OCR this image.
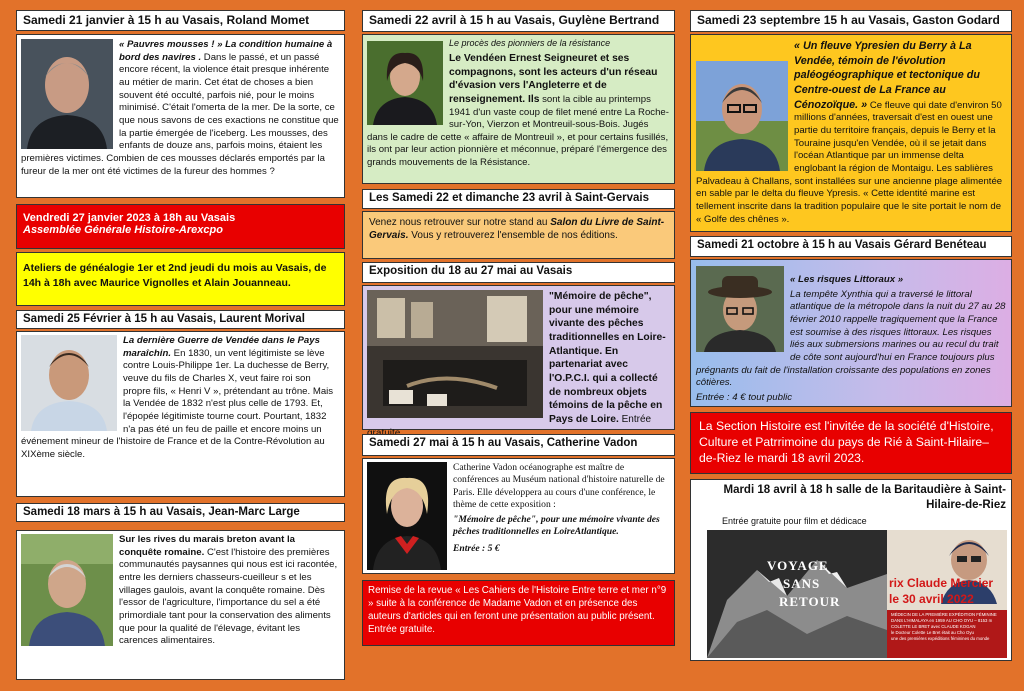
Samedi 21 janvier à 15 h au Vasais, Roland Momet
« Pauvres mousses ! » La condition humaine à bord des navires . Dans le passé, et un passé encore récent, la violence était presque inhérente au métier de marin. Cet état de choses a bien souvent été occulté, parfois nié, pour le moins minimisé. C'était l'omerta de la mer. De la sorte, ce que nous savons de ces exactions ne constitue que la partie émergée de l'iceberg. Les mousses, des enfants de douze ans, parfois moins, étaient les premières victimes. Combien de ces mousses déclarés emportés par la fureur de la mer ont été victimes de la fureur des hommes ?
Vendredi 27 janvier 2023 à 18h au Vasais
Assemblée Générale Histoire-Arexcpo
Ateliers de généalogie 1er et 2nd jeudi du mois au Vasais, de 14h à 18h avec Maurice Vignolles et Alain Jouanneau.
Samedi 25 Février à 15 h au Vasais, Laurent Morival
La dernière Guerre de Vendée dans le Pays maraîchin. En 1830, un vent légitimiste se lève contre Louis-Philippe 1er. La duchesse de Berry, veuve du fils de Charles X, veut faire roi son propre fils, « Henri V », prétendant au trône. Mais la Vendée de 1832 n'est plus celle de 1793. Et, l'épopée légitimiste tourne court. Pourtant, 1832 n'a pas été un feu de paille et encore moins un événement mineur de l'histoire de France et de la Contre-Révolution au XIXème siècle.
Samedi 18 mars à 15 h au Vasais, Jean-Marc Large
Sur les rives du marais breton avant la conquête romaine. C'est l'histoire des premières communautés paysannes qui nous est ici racontée, entre les derniers chasseurs-cueilleur s et les villages gaulois, avant la conquête romaine. Dès l'essor de l'agriculture, l'importance du sel a été primordiale tant pour la conservation des aliments que pour la qualité de l'élevage, évitant les carences alimentaires.
Samedi 22 avril à 15 h au Vasais, Guylène Bertrand
Le procès des pionniers de la résistance
Le Vendéen Ernest Seigneuret et ses compagnons, sont les acteurs d'un réseau d'évasion vers l'Angleterre et de renseignement. Ils sont la cible au printemps 1941 d'un vaste coup de filet mené entre La Roche-sur-Yon, Vierzon et Montreuil-sous-Bois. Jugés dans le cadre de cette « affaire de Montreuil », et pour certains fusillés, ils ont par leur action pionnière et méconnue, préparé l'émergence des grands mouvements de la Résistance.
Les Samedi 22 et dimanche 23 avril à Saint-Gervais
Venez nous retrouver sur notre stand au Salon du Livre de Saint-Gervais. Vous y retrouverez l'ensemble de nos éditions.
Exposition du 18 au 27 mai au Vasais
"Mémoire de pêche", pour une mémoire vivante des pêches traditionnelles en Loire-Atlantique. En partenariat avec l'O.P.C.I. qui a collecté de nombreux objets témoins de la pêche en Pays de Loire. Entrée
Samedi 27 mai à 15 h au Vasais, Catherine Vadon
Catherine Vadon océanographe est maître de conférences au Muséum national d'histoire naturelle de Paris. Elle développera au cours d'une conférence, le thème de cette exposition :
"Mémoire de pêche", pour une mémoire vivante des pêches traditionnelles en LoireAtlantique.
Entrée : 5 €
Remise de la revue « Les Cahiers de l'Histoire Entre terre et mer n°9 » suite à la conférence de Madame Vadon et en présence des auteurs d'articles qui en feront une présentation au public présent. Entrée gratuite.
Samedi 23 septembre 15 h au Vasais, Gaston Godard
« Un fleuve Ypresien du Berry à La Vendée, témoin de l'évolution paléogéographique et tectonique du Centre-ouest de La France au Cénozoïque. » Ce fleuve qui date d'environ 50 millions d'années, traversait d'est en ouest une partie du territoire français, depuis le Berry et la Touraine jusqu'en Vendée, où il se jetait dans l'océan Atlantique par un immense delta englobant la région de Montaigu. Les sablières Palvadeau à Challans, sont installées sur une ancienne plage alimentée en sable par le delta du fleuve Ypresis. « Cette identité marine est tellement inscrite dans la tradition populaire que le site portait le nom de « Golfe des chênes ».
Samedi 21 octobre à 15 h au Vasais Gérard Benéteau
« Les risques Littoraux »
La tempête Xynthia qui a traversé le littoral atlantique de la métropole dans la nuit du 27 au 28 février 2010 rappelle tragiquement que la France est soumise à des risques littoraux. Les risques liés aux submersions marines ou au recul du trait de côte sont aujourd'hui en France toujours plus prégnants du fait de l'installation croissante des populations en zones côtières.
Entrée : 4 € tout public
La Section Histoire est l'invitée de la société d'Histoire, Culture et Patrrimoine du pays de Rié à Saint-Hilaire–de-Riez le mardi 18 avril 2023.
Mardi 18 avril à 18 h salle de la Baritaudière à Saint-Hilaire-de-Riez
Entrée gratuite pour film et dédicace
VOYAGE
SANS
RETOUR
rix Claude Mercier
le 30 avril 2022
MÉDECIN DE LA PREMIÈRE EXPÉDITION FÉMININE
DANS L'HIMALAYA en 1959 AU CHO OYU – 8153 m
COLETTE LE BRET avec CLAUDE KOGAN
le Docteur Colette Le Bret était au Cho Oyu
une des premières expéditions féminines du monde
